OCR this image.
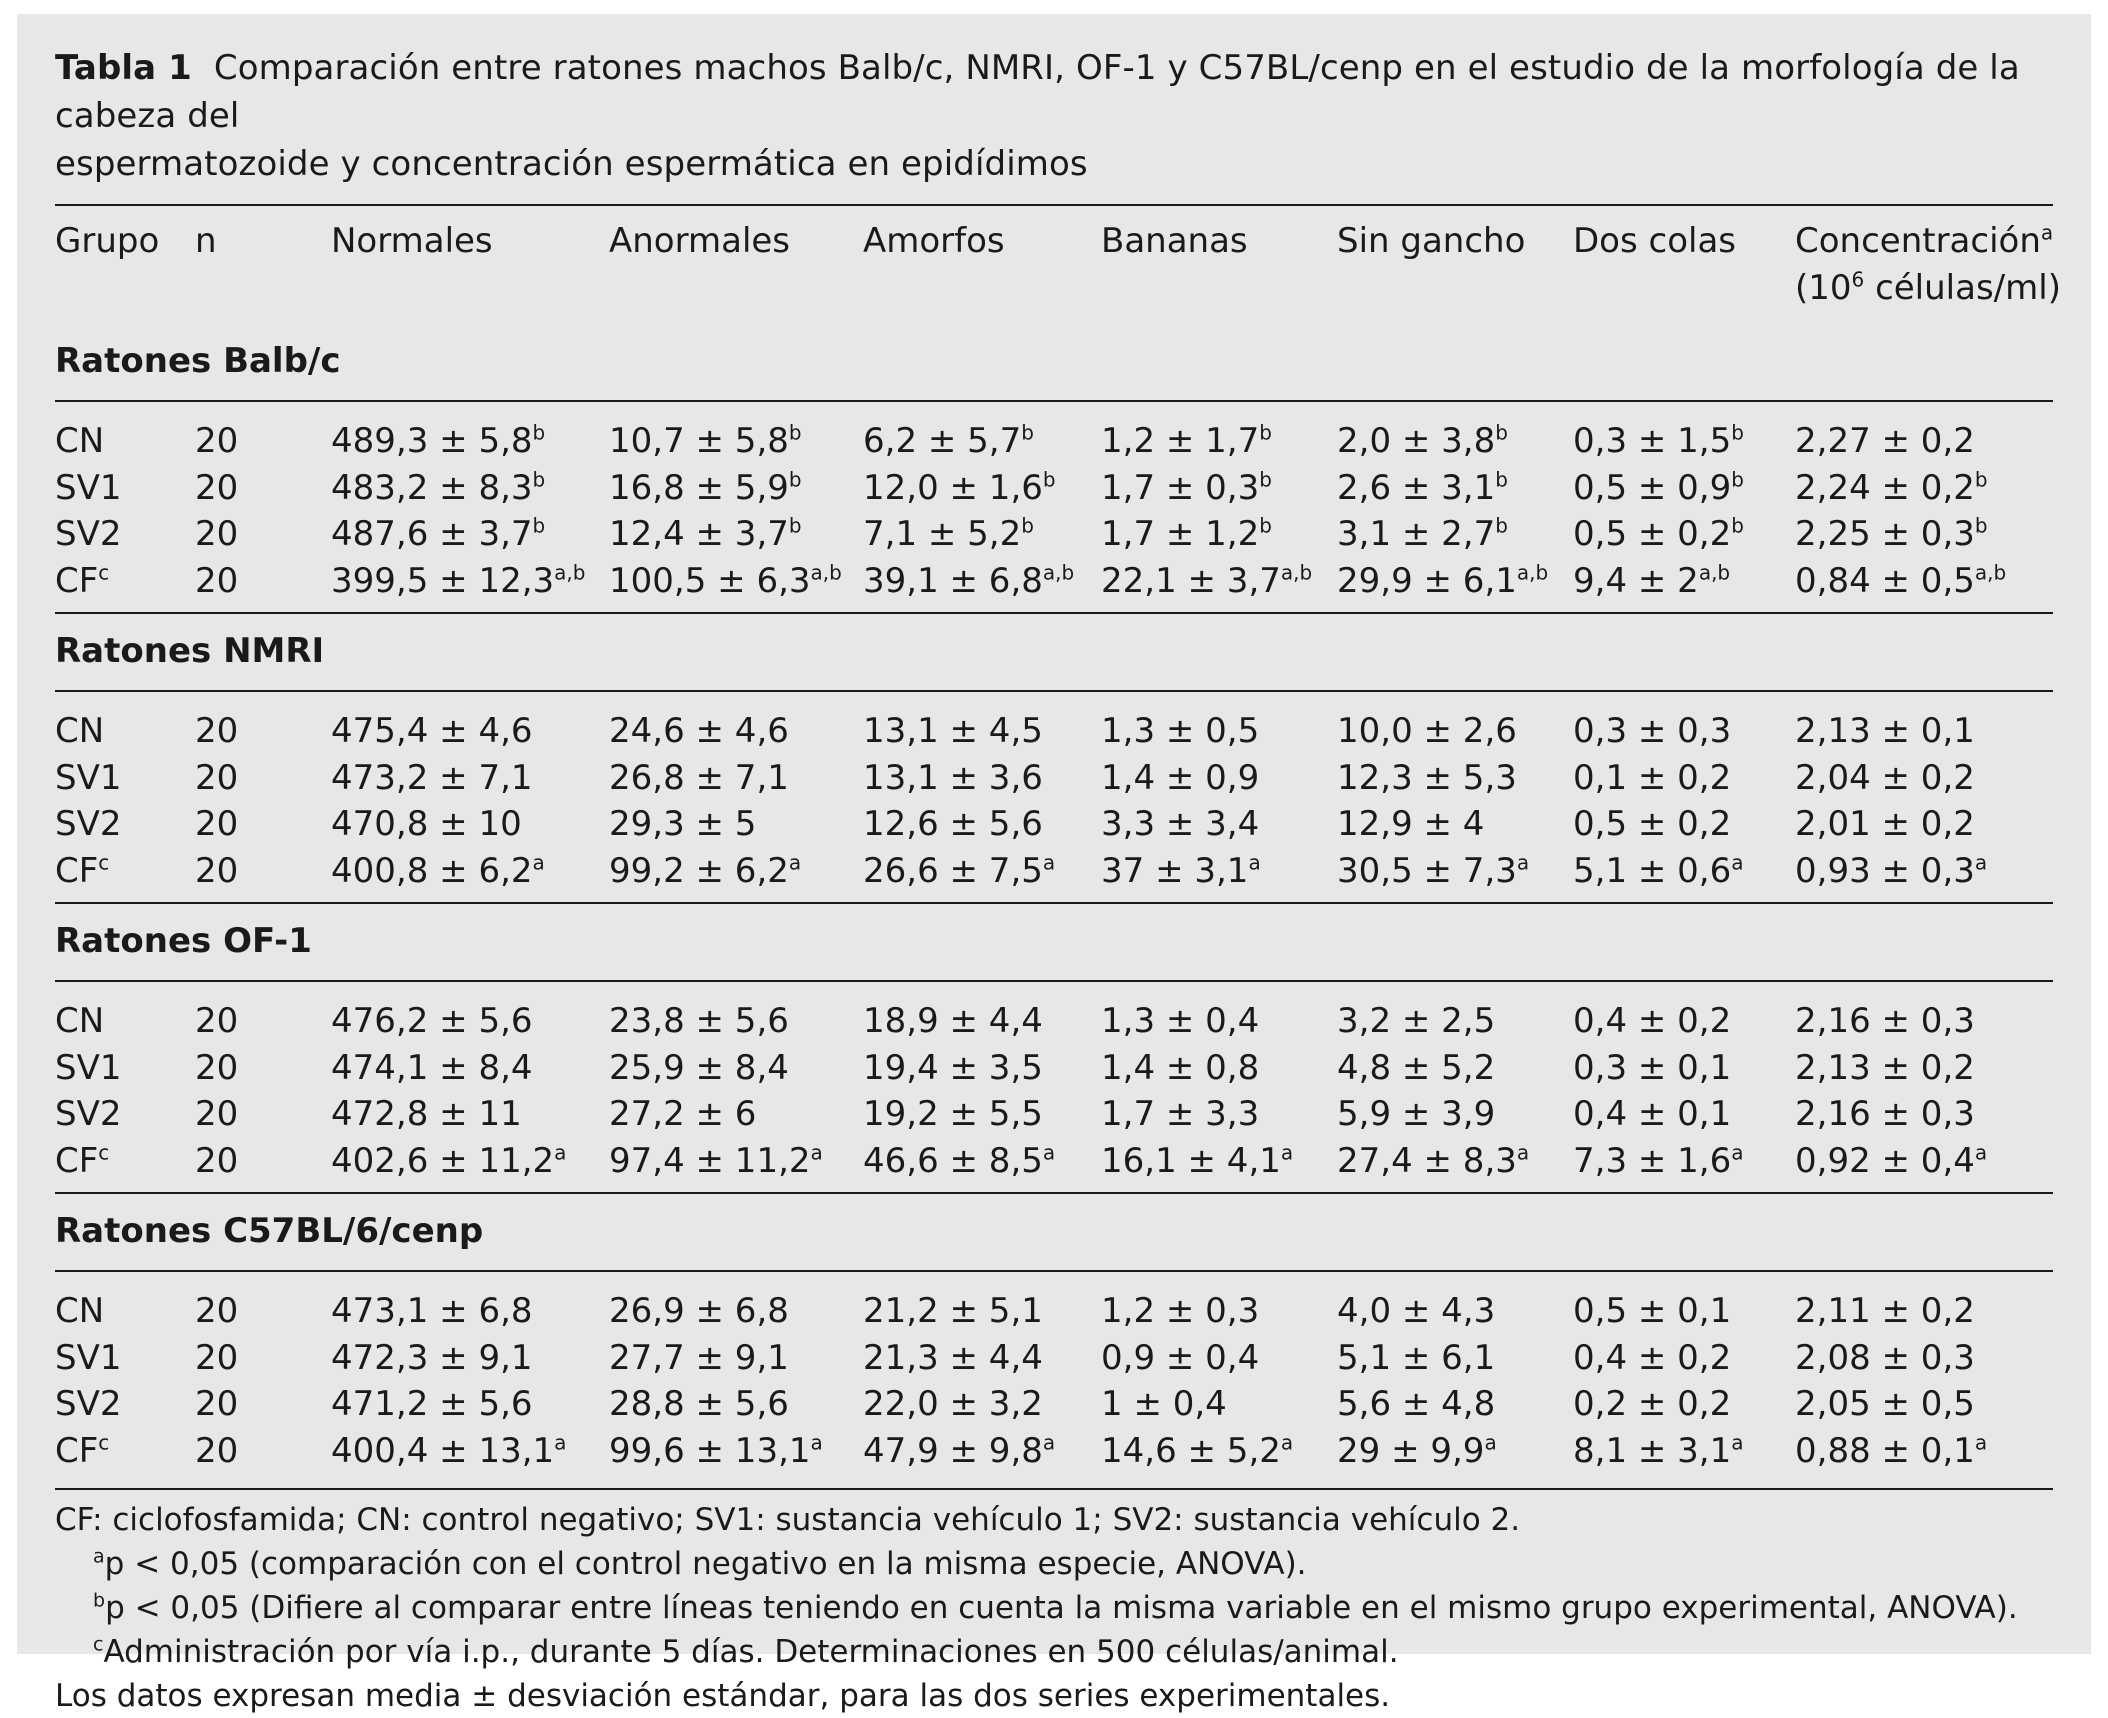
Tabla 1 Comparación entre ratones machos Balb/c, NMRI, OF-1 y C57BL/cenp en el estudio de la morfología de la cabeza del
espermatozoide y concentración espermática en epidídimos
Grupo	n	Normales	Anormales	Amorfos	Bananas	Sin gancho	Dos colas	Concentración$^a$
								($10^6$ células/ml)
Ratones Balb/c								

CN	20	489,3 ± 5,8$^b$	10,7 ± 5,8$^b$	6,2 ± 5,7$^b$	1,2 ± 1,7$^b$	2,0 ± 3,8$^b$	0,3 ± 1,5$^b$	2,27 ± 0,2
SV1	20	483,2 ± 8,3$^b$	16,8 ± 5,9$^b$	12,0 ± 1,6$^b$	1,7 ± 0,3$^b$	2,6 ± 3,1$^b$	0,5 ± 0,9$^b$	2,24 ± 0,2$^b$
SV2	20	487,6 ± 3,7$^b$	12,4 ± 3,7$^b$	7,1 ± 5,2$^b$	1,7 ± 1,2$^b$	3,1 ± 2,7$^b$	0,5 ± 0,2$^b$	2,25 ± 0,3$^b$
$CF^c$	20	$399,5 \pm 12,3^{a,b}$	$100,5 \pm 6,3^{a,b}$	$39,1 \pm 6,8^{a,b}$	$22,1 \pm 3,7^{a,b}$	$29,9 \pm 6,1^{a,b}$	$9,4 \pm 2^{a,b}$	$0,84 \pm 0,5^{a,b}$

Ratones NMRI								

CN	20	475,4 ± 4,6	24,6 ± 4,6	13,1 ± 4,5	1,3 ± 0,5	10,0 ± 2,6	0,3 ± 0,3	2,13 ± 0,1
SV1	20	473,2 ± 7,1	26,8 ± 7,1	13,1 ± 3,6	1,4 ± 0,9	12,3 ± 5,3	0,1 ± 0,2	2,04 ± 0,2
SV2	20	470,8 ± 10	29,3 ± 5	12,6 ± 5,6	3,3 ± 3,4	12,9 ± 4	0,5 ± 0,2	2,01 ± 0,2
$CF^c$	20	400,8 ± 6,2$^a$	99,2 ± 6,2$^a$	26,6 ± 7,5$^a$	37 ± 3,1$^a$	30,5 ± 7,3$^a$	5,1 ± 0,6$^a$	0,93 ± 0,3$^a$

Ratones OF-1								

CN	20	476,2 ± 5,6	23,8 ± 5,6	18,9 ± 4,4	1,3 ± 0,4	3,2 ± 2,5	0,4 ± 0,2	2,16 ± 0,3
SV1	20	474,1 ± 8,4	25,9 ± 8,4	19,4 ± 3,5	1,4 ± 0,8	4,8 ± 5,2	0,3 ± 0,1	2,13 ± 0,2
SV2	20	472,8 ± 11	27,2 ± 6	19,2 ± 5,5	1,7 ± 3,3	5,9 ± 3,9	0,4 ± 0,1	2,16 ± 0,3
$CF^c$	20	402,6 ± 11,2$^a$	97,4 ± 11,2$^a$	46,6 ± 8,5$^a$	16,1 ± 4,1$^a$	27,4 ± 8,3$^a$	7,3 ± 1,6$^a$	0,92 ± 0,4$^a$

Ratones C57BL/6/cenp								

CN	20	473,1 ± 6,8	26,9 ± 6,8	21,2 ± 5,1	1,2 ± 0,3	4,0 ± 4,3	0,5 ± 0,1	2,11 ± 0,2
SV1	20	472,3 ± 9,1	27,7 ± 9,1	21,3 ± 4,4	0,9 ± 0,4	5,1 ± 6,1	0,4 ± 0,2	2,08 ± 0,3
SV2	20	471,2 ± 5,6	28,8 ± 5,6	22,0 ± 3,2	1 ± 0,4	5,6 ± 4,8	0,2 ± 0,2	2,05 ± 0,5
$CF^c$	20	400,4 ± 13,1$^a$	99,6 ± 13,1$^a$	47,9 ± 9,8$^a$	14,6 ± 5,2$^a$	29 ± 9,9$^a$	8,1 ± 3,1$^a$	0,88 ± 0,1$^a$

CF: ciclofosfamida; CN: control negativo; SV1: sustancia vehículo 1; SV2: sustancia vehículo 2.
$^a$p < 0,05 (comparación con el control negativo en la misma especie, ANOVA).
$^b$p < 0,05 (Difiere al comparar entre líneas teniendo en cuenta la misma variable en el mismo grupo experimental, ANOVA).
$^c$Administración por vía i.p., durante 5 días. Determinaciones en 500 células/animal.
Los datos expresan media ± desviación estándar, para las dos series experimentales.
